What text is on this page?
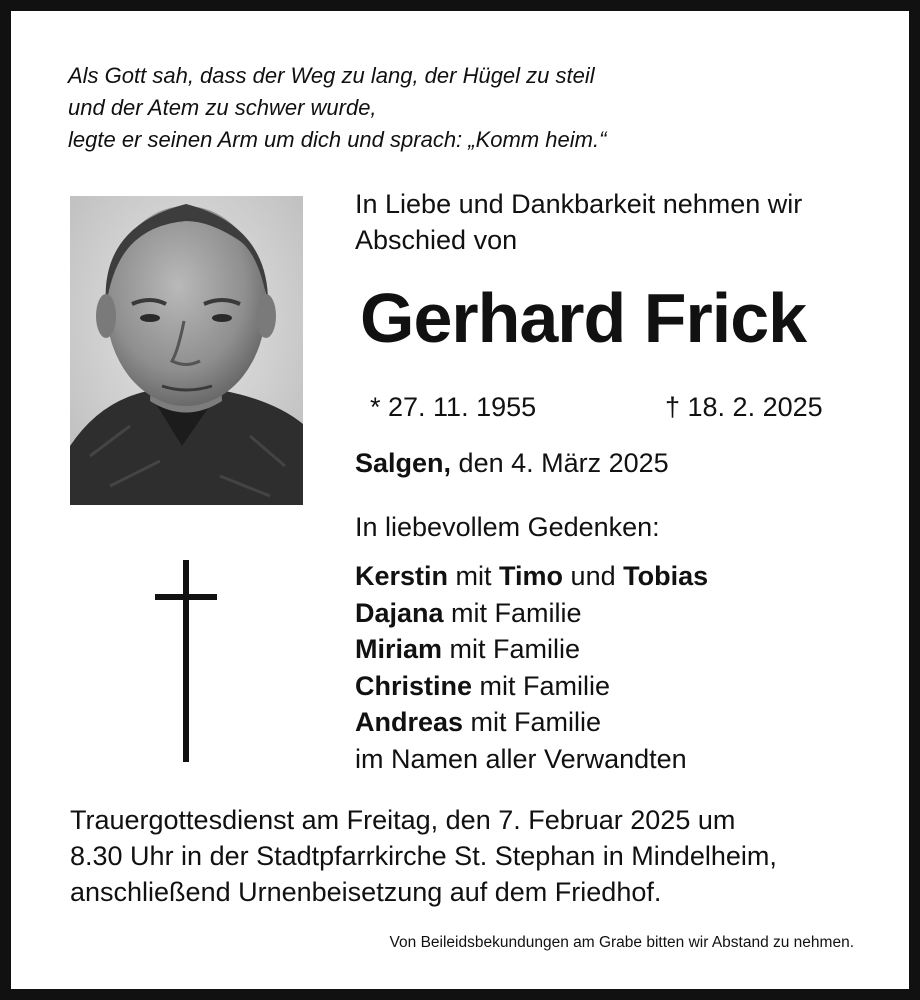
Als Gott sah, dass der Weg zu lang, der Hügel zu steil
und der Atem zu schwer wurde,
legte er seinen Arm um dich und sprach: „Komm heim.“
In Liebe und Dankbarkeit nehmen wir
Abschied von
Gerhard Frick
* 27. 11. 1955	† 18. 2. 2025
Salgen, den 4. März 2025
In liebevollem Gedenken:
Kerstin mit Timo und Tobias
Dajana mit Familie
Miriam mit Familie
Christine mit Familie
Andreas mit Familie
im Namen aller Verwandten
Trauergottesdienst am Freitag, den 7. Februar 2025 um
8.30 Uhr in der Stadtpfarrkirche St. Stephan in Mindelheim,
anschließend Urnenbeisetzung auf dem Friedhof.
Von Beileidsbekundungen am Grabe bitten wir Abstand zu nehmen.
